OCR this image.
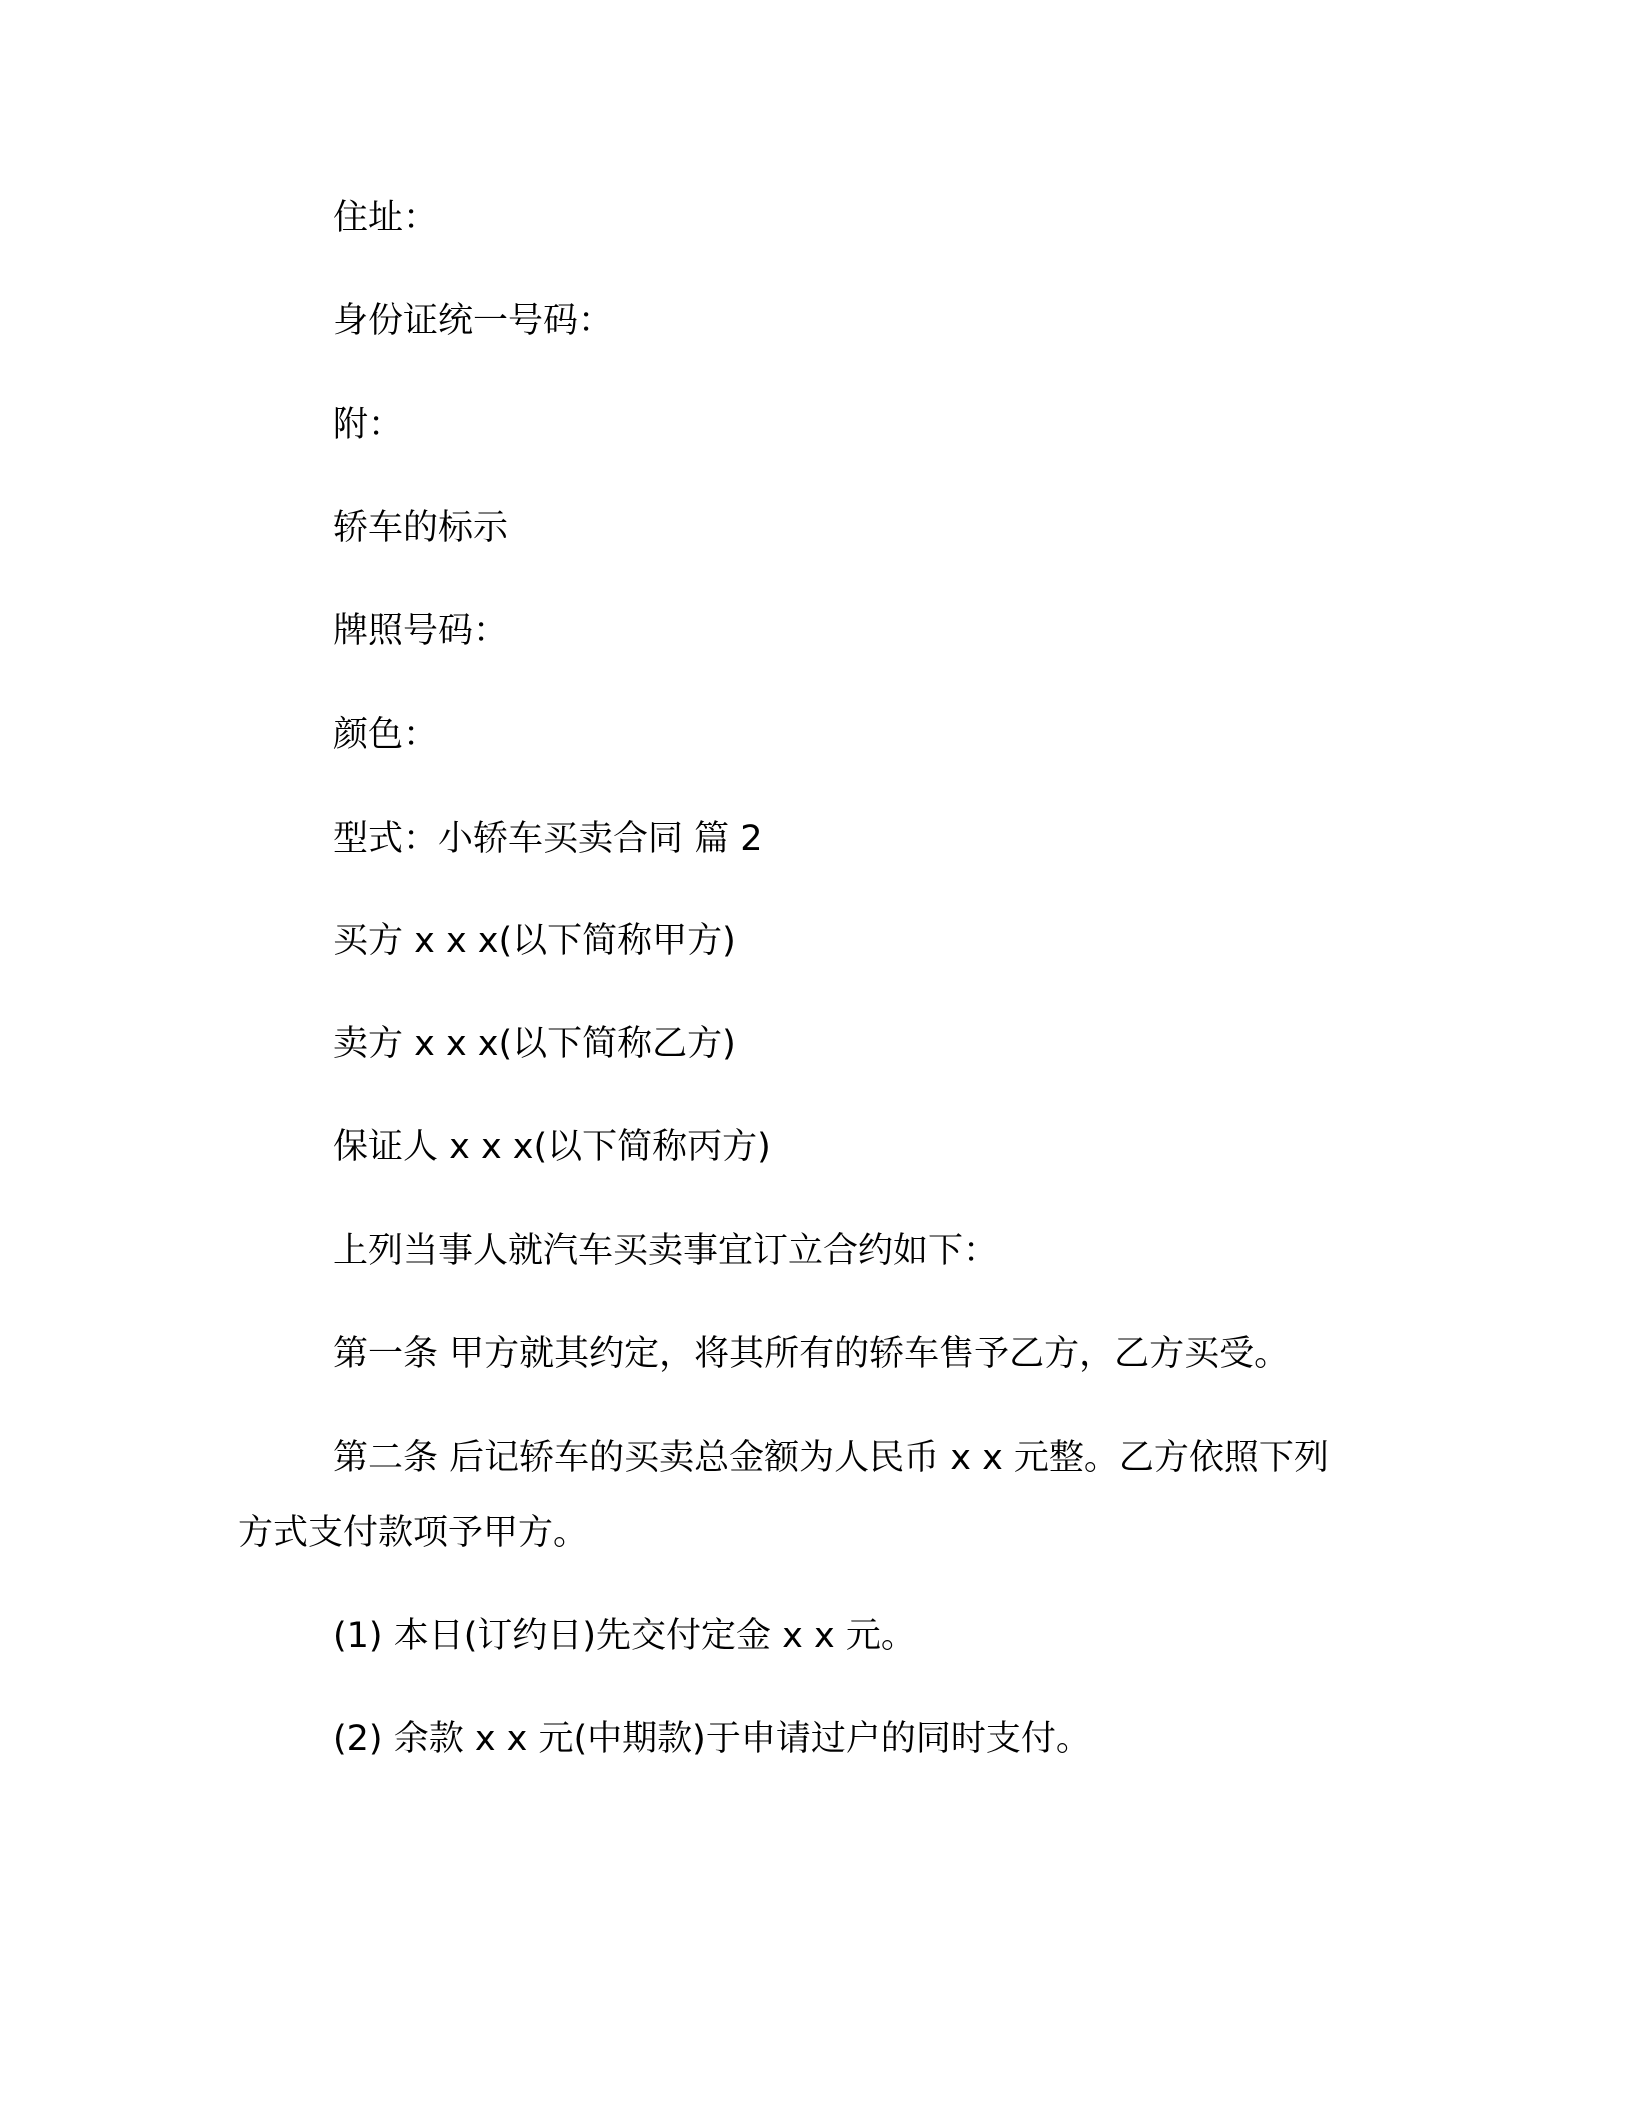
住址：

身份证统一号码：

附：

轿车的标示

牌照号码：

颜色：

型式：小轿车买卖合同 篇 2

买方 x x x(以下简称甲方)

卖方 x x x(以下简称乙方)

保证人 x x x(以下简称丙方)

上列当事人就汽车买卖事宜订立合约如下：

第一条 甲方就其约定，将其所有的轿车售予乙方，乙方买受。

第二条 后记轿车的买卖总金额为人民币 x x 元整。乙方依照下列

方式支付款项予甲方。

(1) 本日(订约日)先交付定金 x x 元。

(2) 余款 x x 元(中期款)于申请过户的同时支付。
